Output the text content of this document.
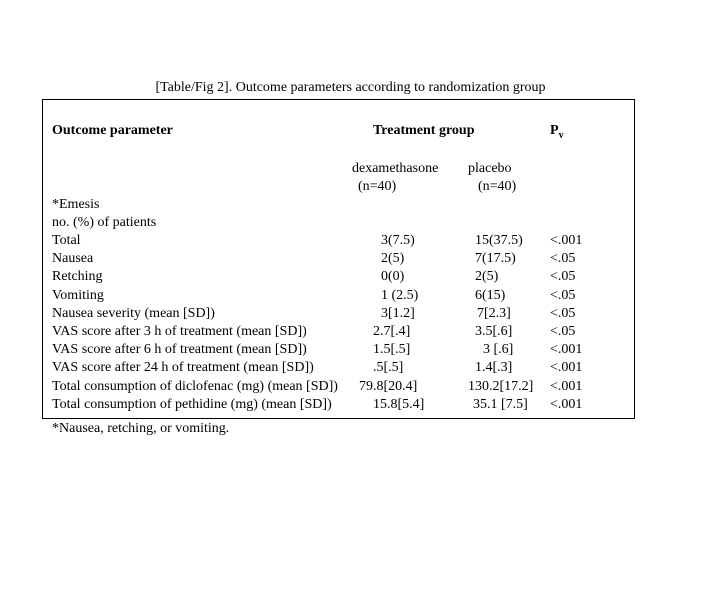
[Table/Fig 2]. Outcome parameters according to randomization group
Outcome parameter	Treatment group	$P_v$
dexamethasone
(n=40)
placebo
(n=40)
*Emesis
no. (%) of patients
Total	3(7.5)	15(37.5) <.001
Nausea	2(5)	7(17.5) <.05
Retching	0(0)	2(5)	<.05
Vomiting	1 (2.5)	6(15)	<.05
Nausea severity (mean [SD])	3[1.2]	7[2.3]	<.05
VAS score after 3 h of treatment (mean [SD])	2.7[.4]	3.5[.6]	<.05
VAS score after 6 h of treatment (mean [SD])	1.5[.5]	3 [.6]	<.001
VAS score after 24 h of treatment (mean [SD])	.5[.5]	1.4[.3]	<.001
Total consumption of diclofenac (mg) (mean [SD]) 79.8[20.4]	130.2[17.2] <.001
Total consumption of pethidine (mg) (mean [SD])	15.8[5.4]	35.1 [7.5] <.001
*Nausea, retching, or vomiting.
